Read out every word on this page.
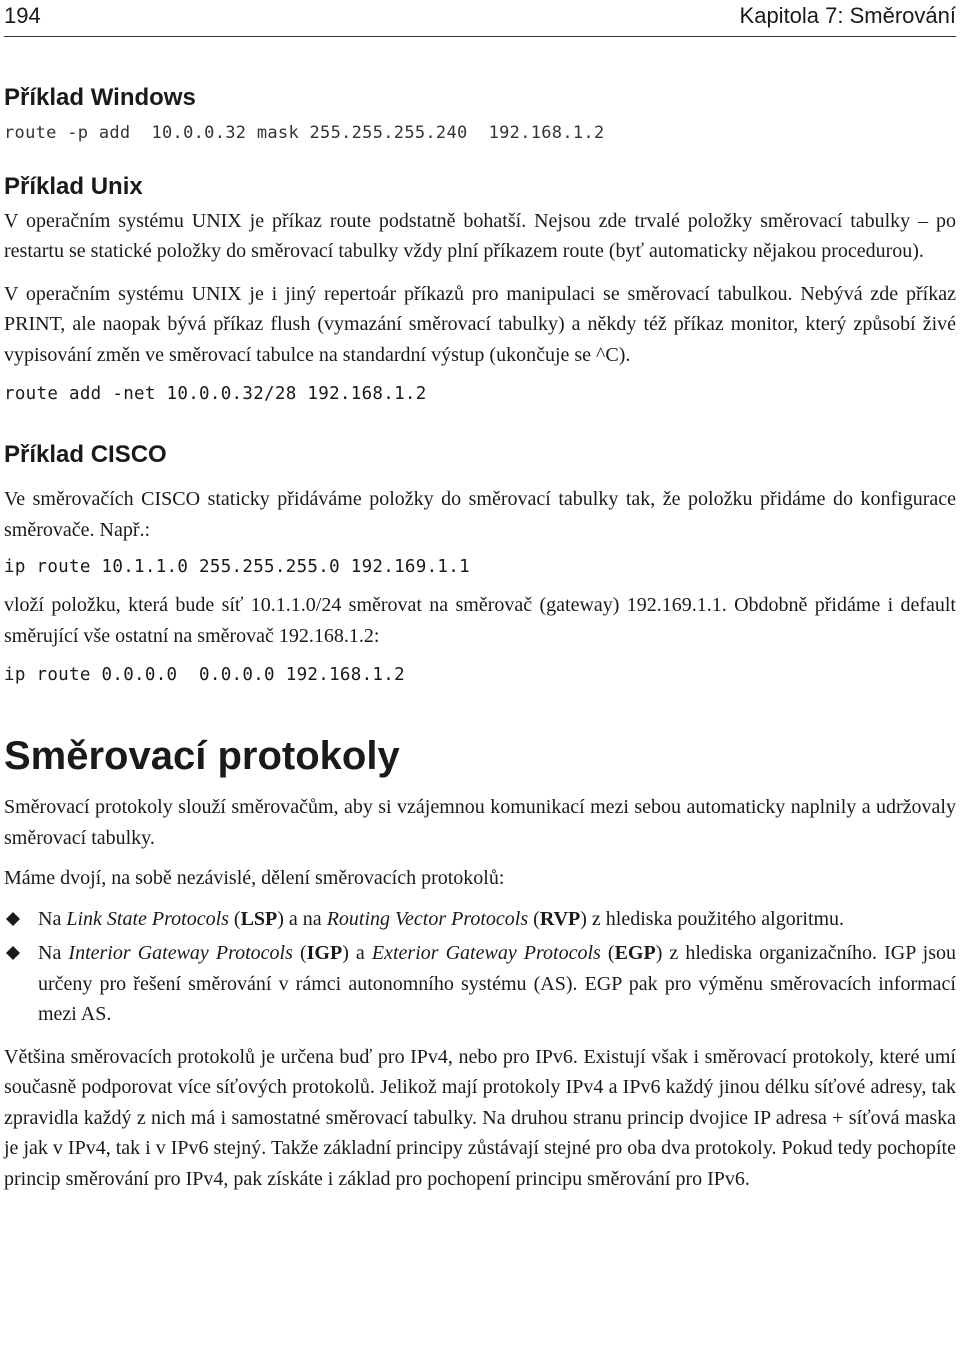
194	Kapitola 7: Směrování
Příklad Windows
route -p add  10.0.0.32 mask 255.255.255.240  192.168.1.2
Příklad Unix

V operačním systému UNIX je příkaz route podstatně bohatší. Nejsou zde trvalé položky směrovací tabulky – po restartu se statické položky do směrovací tabulky vždy plní příkazem route (byť automaticky nějakou procedurou).

V operačním systému UNIX je i jiný repertoár příkazů pro manipulaci se směrovací tabulkou. Nebývá zde příkaz PRINT, ale naopak bývá příkaz flush (vymazání směrovací tabulky) a někdy též příkaz monitor, který způsobí živé vypisování změn ve směrovací tabulce na standardní výstup (ukončuje se ^C).

route add -net 10.0.0.32/28 192.168.1.2
Příklad CISCO

Ve směrovačích CISCO staticky přidáváme položky do směrovací tabulky tak, že položku přidáme do konfigurace směrovače. Např.:

ip route 10.1.1.0 255.255.255.0 192.169.1.1

vloží položku, která bude síť 10.1.1.0/24 směrovat na směrovač (gateway) 192.169.1.1. Obdobně přidáme i default směrující vše ostatní na směrovač 192.168.1.2:

ip route 0.0.0.0  0.0.0.0 192.168.1.2
Směrovací protokoly

Směrovací protokoly slouží směrovačům, aby si vzájemnou komunikací mezi sebou automaticky naplnily a udržovaly směrovací tabulky.

Máme dvojí, na sobě nezávislé, dělení směrovacích protokolů:

Na Link State Protocols (LSP) a na Routing Vector Protocols (RVP) z hlediska použitého algoritmu.
Na Interior Gateway Protocols (IGP) a Exterior Gateway Protocols (EGP) z hlediska organizačního. IGP jsou určeny pro řešení směrování v rámci autonomního systému (AS). EGP pak pro výměnu směrovacích informací mezi AS.

Většina směrovacích protokolů je určena buď pro IPv4, nebo pro IPv6. Existují však i směrovací protokoly, které umí současně podporovat více síťových protokolů. Jelikož mají protokoly IPv4 a IPv6 každý jinou délku síťové adresy, tak zpravidla každý z nich má i samostatné směrovací tabulky. Na druhou stranu princip dvojice IP adresa + síťová maska je jak v IPv4, tak i v IPv6 stejný. Takže základní principy zůstávají stejné pro oba dva protokoly. Pokud tedy pochopíte princip směrování pro IPv4, pak získáte i základ pro pochopení principu směrování pro IPv6.
